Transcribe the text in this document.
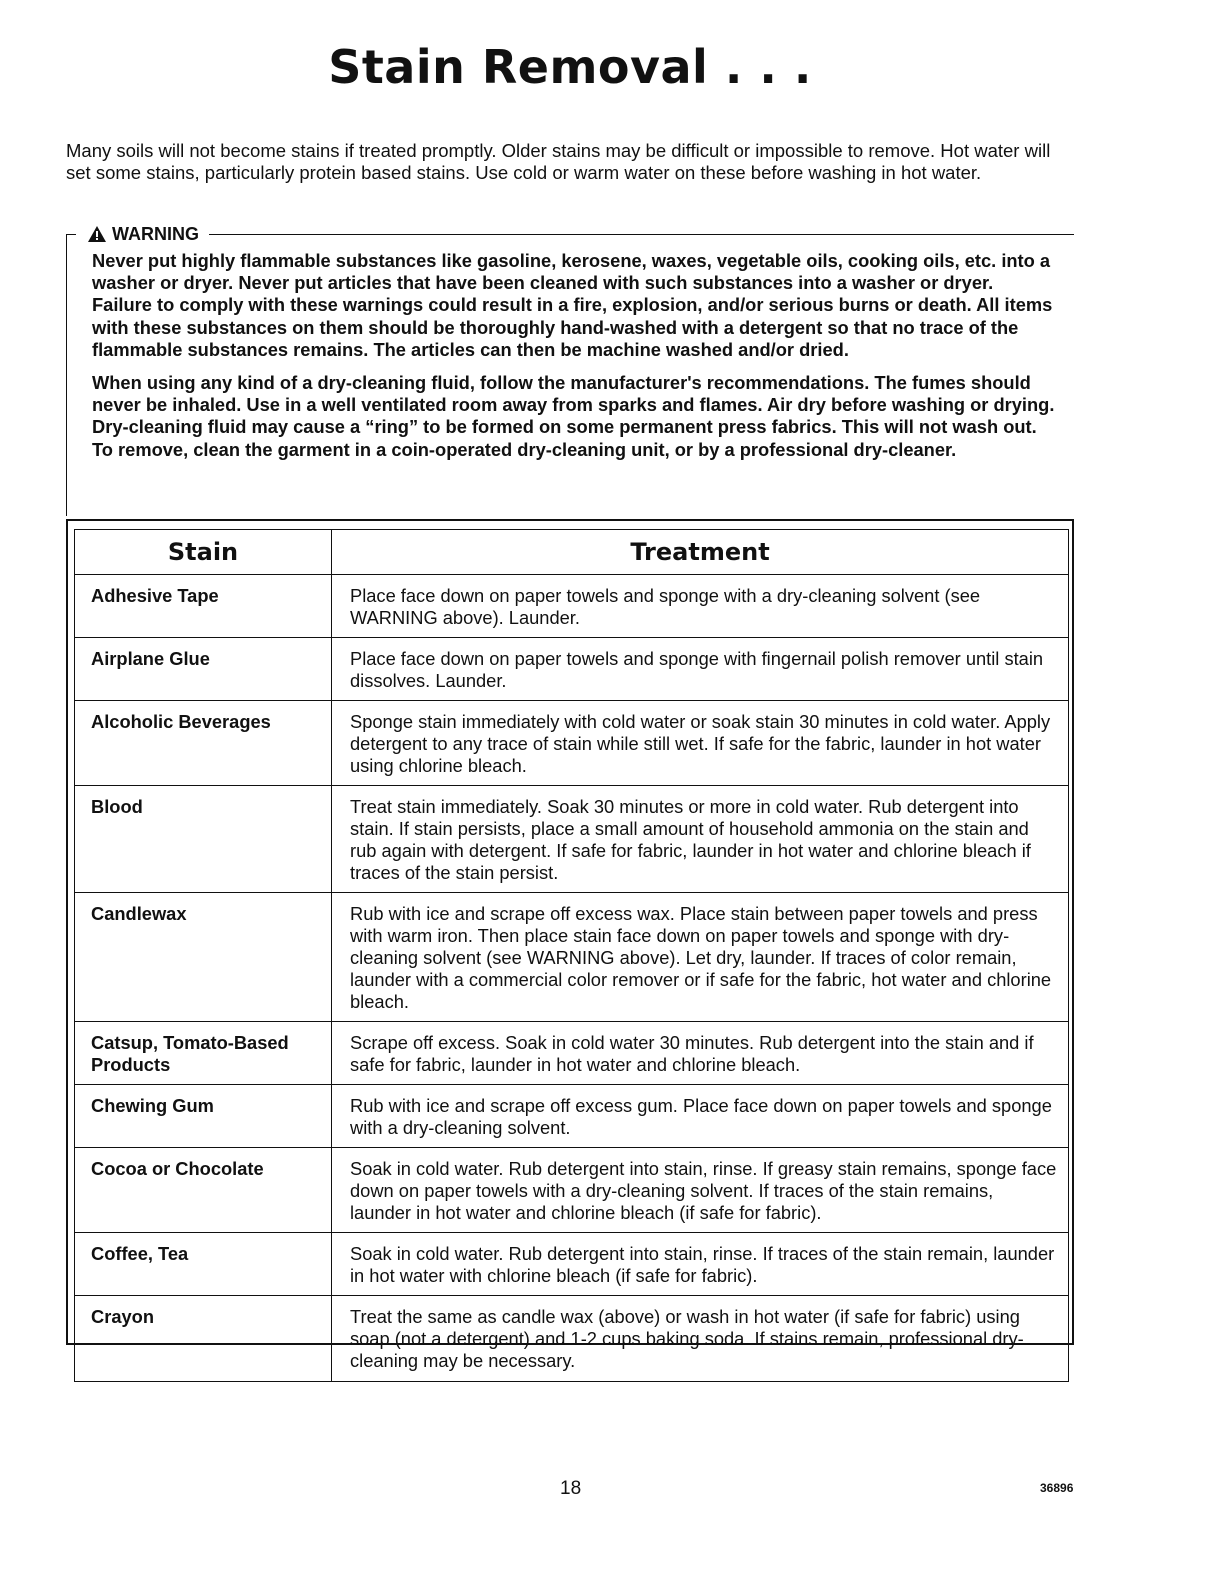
Stain Removal . . .

Many soils will not become stains if treated promptly. Older stains may be difficult or impossible to remove. Hot water will set some stains, particularly protein based stains. Use cold or warm water on these before washing in hot water.

WARNING

Never put highly flammable substances like gasoline, kerosene, waxes, vegetable oils, cooking oils, etc. into a washer or dryer. Never put articles that have been cleaned with such substances into a washer or dryer. Failure to comply with these warnings could result in a fire, explosion, and/or serious burns or death. All items with these substances on them should be thoroughly hand-washed with a detergent so that no trace of the flammable substances remains. The articles can then be machine washed and/or dried.

When using any kind of a dry-cleaning fluid, follow the manufacturer's recommendations. The fumes should never be inhaled. Use in a well ventilated room away from sparks and flames. Air dry before washing or drying. Dry-cleaning fluid may cause a “ring” to be formed on some permanent press fabrics. This will not wash out. To remove, clean the garment in a coin-operated dry-cleaning unit, or by a professional dry-cleaner.

Stain	Treatment
Adhesive Tape	Place face down on paper towels and sponge with a dry-cleaning solvent (see WARNING above). Launder.
Airplane Glue	Place face down on paper towels and sponge with fingernail polish remover until stain dissolves. Launder.
Alcoholic Beverages	Sponge stain immediately with cold water or soak stain 30 minutes in cold water. Apply detergent to any trace of stain while still wet. If safe for the fabric, launder in hot water using chlorine bleach.
Blood	Treat stain immediately. Soak 30 minutes or more in cold water. Rub detergent into stain. If stain persists, place a small amount of household ammonia on the stain and rub again with detergent. If safe for fabric, launder in hot water and chlorine bleach if traces of the stain persist.
Candlewax	Rub with ice and scrape off excess wax. Place stain between paper towels and press with warm iron. Then place stain face down on paper towels and sponge with dry-cleaning solvent (see WARNING above). Let dry, launder. If traces of color remain, launder with a commercial color remover or if safe for the fabric, hot water and chlorine bleach.
Catsup, Tomato-Based Products	Scrape off excess. Soak in cold water 30 minutes. Rub detergent into the stain and if safe for fabric, launder in hot water and chlorine bleach.
Chewing Gum	Rub with ice and scrape off excess gum. Place face down on paper towels and sponge with a dry-cleaning solvent.
Cocoa or Chocolate	Soak in cold water. Rub detergent into stain, rinse. If greasy stain remains, sponge face down on paper towels with a dry-cleaning solvent. If traces of the stain remains, launder in hot water and chlorine bleach (if safe for fabric).
Coffee, Tea	Soak in cold water. Rub detergent into stain, rinse. If traces of the stain remain, launder in hot water with chlorine bleach (if safe for fabric).
Crayon	Treat the same as candle wax (above) or wash in hot water (if safe for fabric) using soap (not a detergent) and 1-2 cups baking soda. If stains remain, professional dry-cleaning may be necessary.
18	36896
